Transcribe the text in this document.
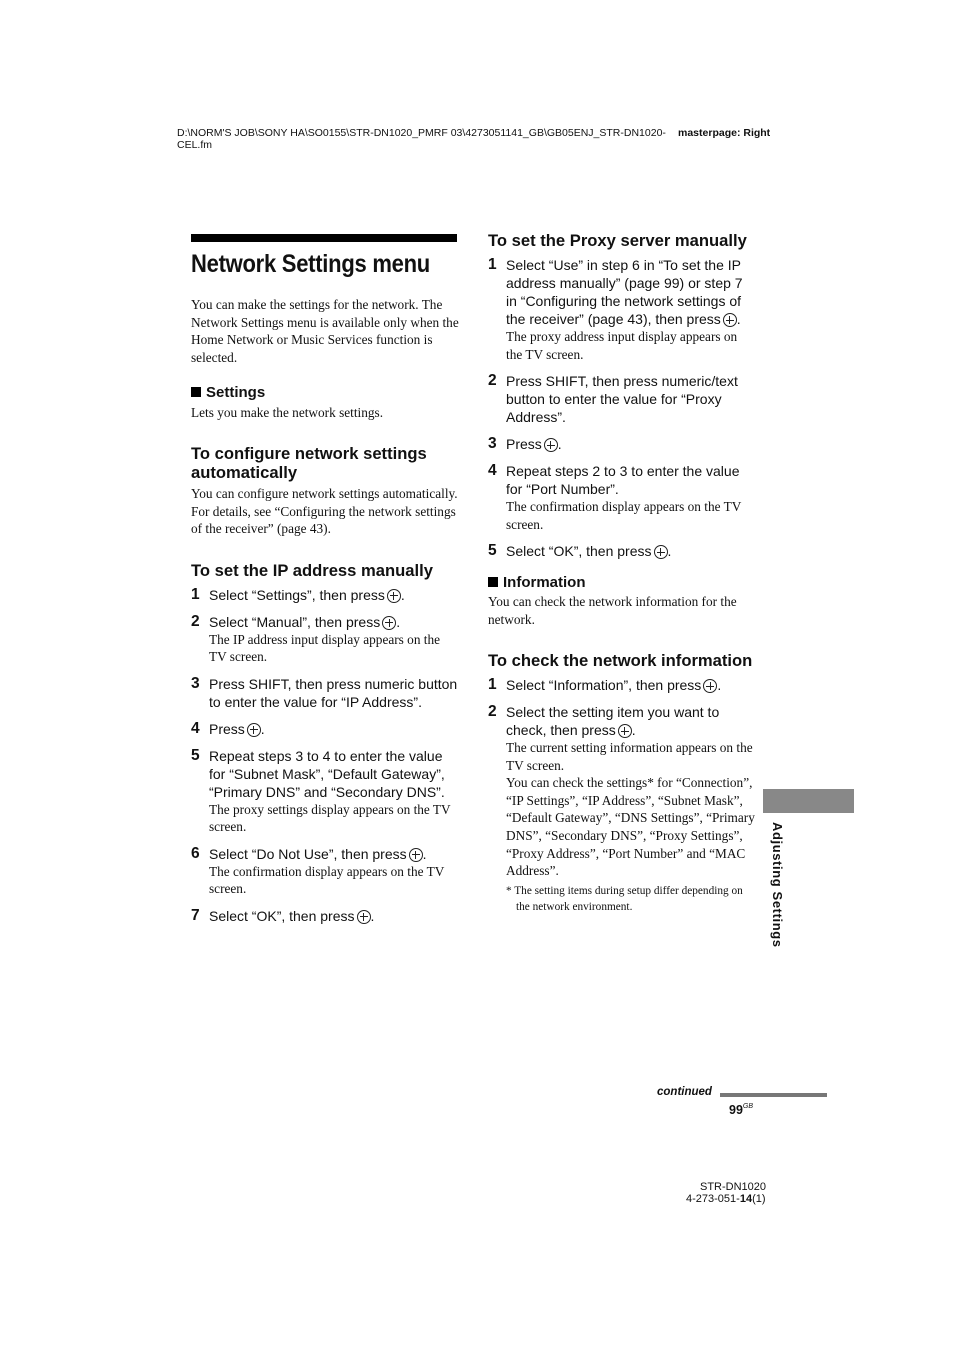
D:\NORM'S JOB\SONY HA\SO0155\STR-DN1020_PMRF 03\4273051141_GB\GB05ENJ_STR-DN1020-CEL.fm
masterpage: Right
Network Settings menu

You can make the settings for the network. The Network Settings menu is available only when the Home Network or Music Services function is selected.

Settings

Lets you make the network settings.

To configure network settings automatically

You can configure network settings automatically. For details, see “Configuring the network settings of the receiver” (page 43).

To set the IP address manually
1 Select “Settings”, then press .
2 Select “Manual”, then press .
The IP address input display appears on the TV screen.
3 Press SHIFT, then press numeric button to enter the value for “IP Address”.
4 Press .
5 Repeat steps 3 to 4 to enter the value for “Subnet Mask”, “Default Gateway”, “Primary DNS” and “Secondary DNS”.
The proxy settings display appears on the TV screen.
6 Select “Do Not Use”, then press .
The confirmation display appears on the TV screen.
7 Select “OK”, then press .
To set the Proxy server manually
1 Select “Use” in step 6 in “To set the IP address manually” (page 99) or step 7 in “Configuring the network settings of the receiver” (page 43), then press .
The proxy address input display appears on the TV screen.
2 Press SHIFT, then press numeric/text button to enter the value for “Proxy Address”.
3 Press .
4 Repeat steps 2 to 3 to enter the value for “Port Number”.
The confirmation display appears on the TV screen.
5 Select “OK”, then press .
Information

You can check the network information for the network.

To check the network information
1 Select “Information”, then press .
2 Select the setting item you want to check, then press .
The current setting information appears on the TV screen.

You can check the settings* for “Connection”, “IP Settings”, “IP Address”, “Subnet Mask”, “Default Gateway”, “DNS Settings”, “Primary DNS”, “Secondary DNS”, “Proxy Settings”, “Proxy Address”, “Port Number” and “MAC Address”.

* The setting items during setup differ depending on the network environment.	Adjusting Settings
continued
$99^{GB}$
STR-DN1020
4-273-051-14(1)
